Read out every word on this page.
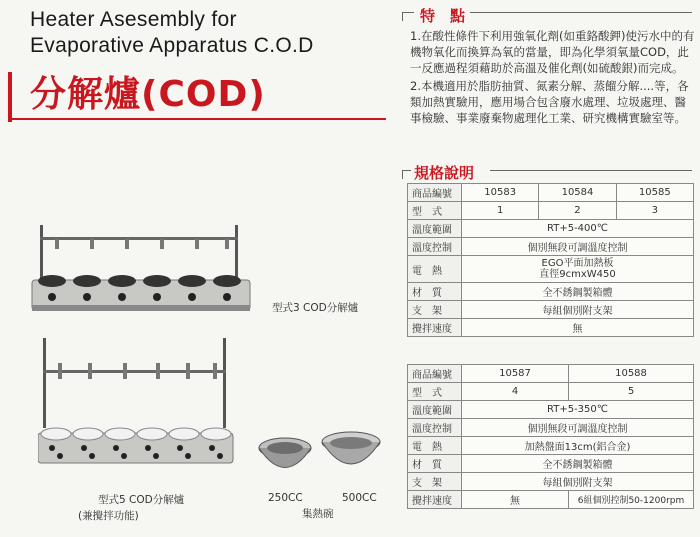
Heater Asesembly for
Evaporative Apparatus C.O.D
分解爐(COD)
特　點

1.在酸性條件下利用強氧化劑(如重鉻酸鉀)使污水中的有機物氧化而換算為氧的當量，即為化學須氧量COD，此一反應過程須藉助於高溫及催化劑(如硫酸銀)而完成。

2.本機適用於脂肪抽質、氮素分解、蒸餾分解....等，各類加熱實驗用，應用場合包含廢水處理、垃圾處理、醫事檢驗、事業廢棄物處理化工業、研究機構實驗室等。

規格說明
商品編號	10583	10584	10585
型　式	1	2	3
溫度範圍	RT+5-400℃		
溫度控制	個別無段可調溫度控制		
電　熱	EGO平面加熱板
直徑9cmxW450		

材　質	全不銹鋼製箱體		
支　架	每組個別附支架		
攪拌速度	無		
商品編號	10587	10588
型　式	4	5
溫度範圍	RT+5-350℃	
溫度控制	個別無段可調溫度控制	
電　熱	加熱盤面13cm(鋁合金)	
材　質	全不銹鋼製箱體	
支　架	每組個別附支架	
攪拌速度	無	6組個別控制50-1200rpm
型式3 COD分解爐
型式5 COD分解爐
(兼攪拌功能)
250CC	500CC
集熱碗
